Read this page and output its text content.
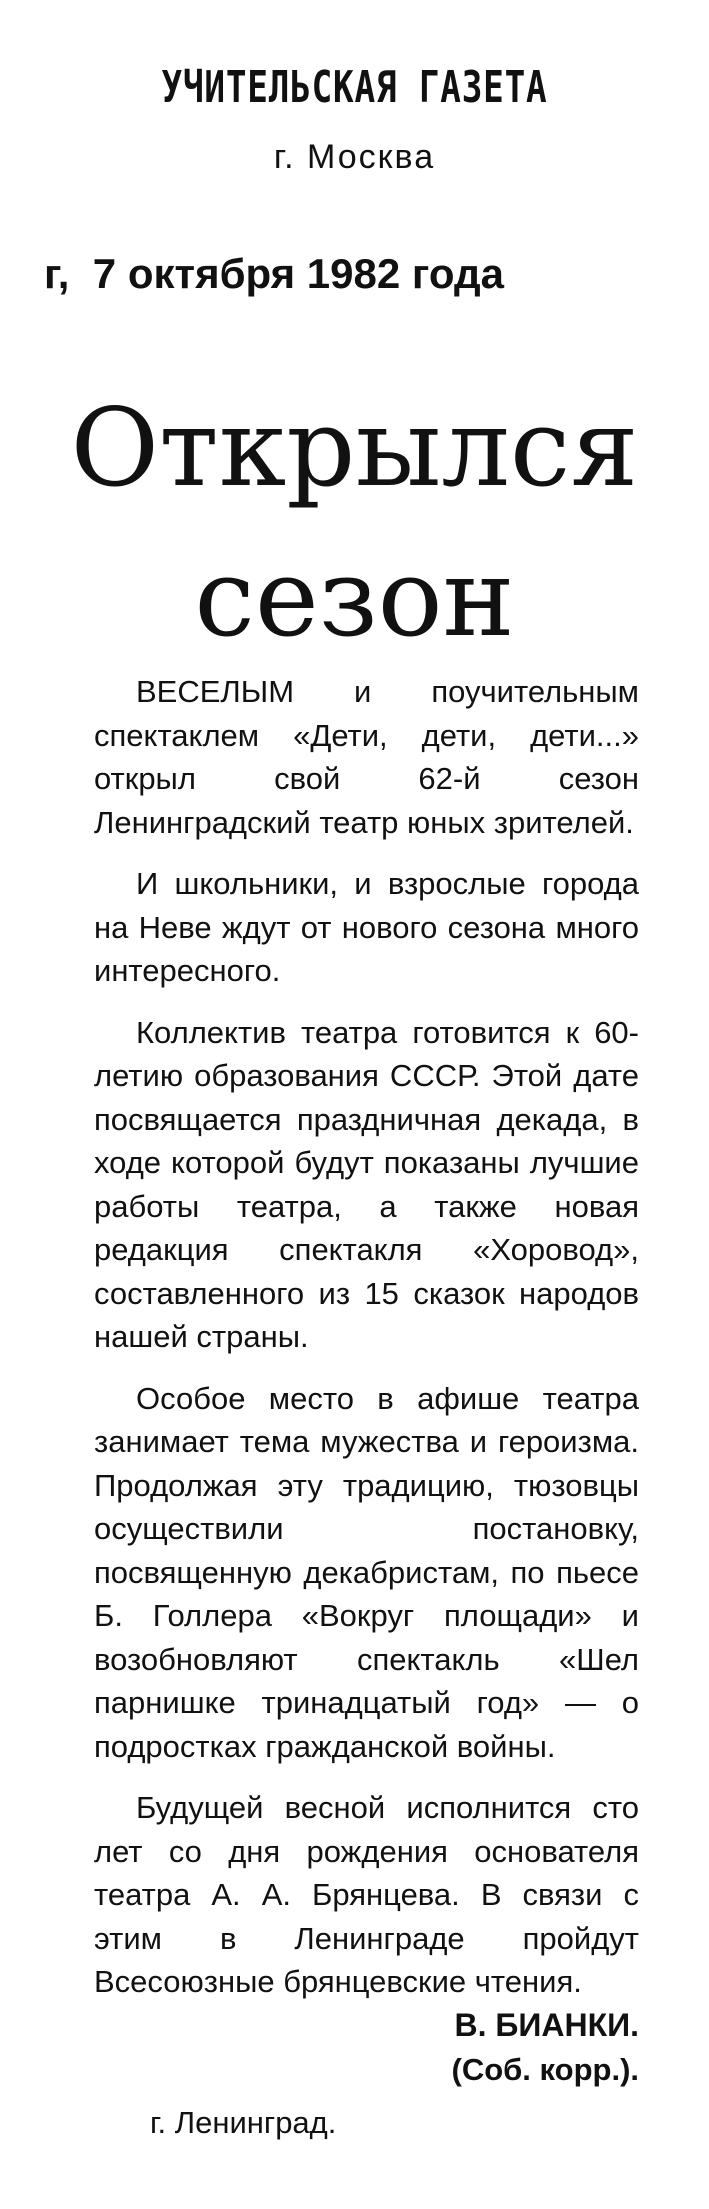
УЧИТЕЛЬСКАЯ ГАЗЕТА
г. Москва
г,  7 октября 1982 года
Открылся
сезон

ВЕСЕЛЫМ и поучительным спектаклем «Дети, дети, дети...» открыл свой 62-й сезон Ленинградский театр юных зрителей.

И школьники, и взрослые города на Неве ждут от нового сезона много интересного.

Коллектив театра готовится к 60-летию образования СССР. Этой дате посвящается праздничная декада, в ходе которой будут показаны лучшие работы театра, а также новая редакция спектакля «Хоровод», составленного из 15 сказок народов нашей страны.

Особое место в афише театра занимает тема мужества и героизма. Продолжая эту традицию, тюзовцы осуществили постановку, посвященную декабристам, по пьесе Б. Голлера «Вокруг площади» и возобновляют спектакль «Шел парнишке тринадцатый год» — о подростках гражданской войны.

Будущей весной исполнится сто лет со дня рождения основателя театра А. А. Брянцева. В связи с этим в Ленинграде пройдут Всесоюзные брянцевские чтения.

В. БИАНКИ.
(Соб. корр.).
г. Ленинград.
